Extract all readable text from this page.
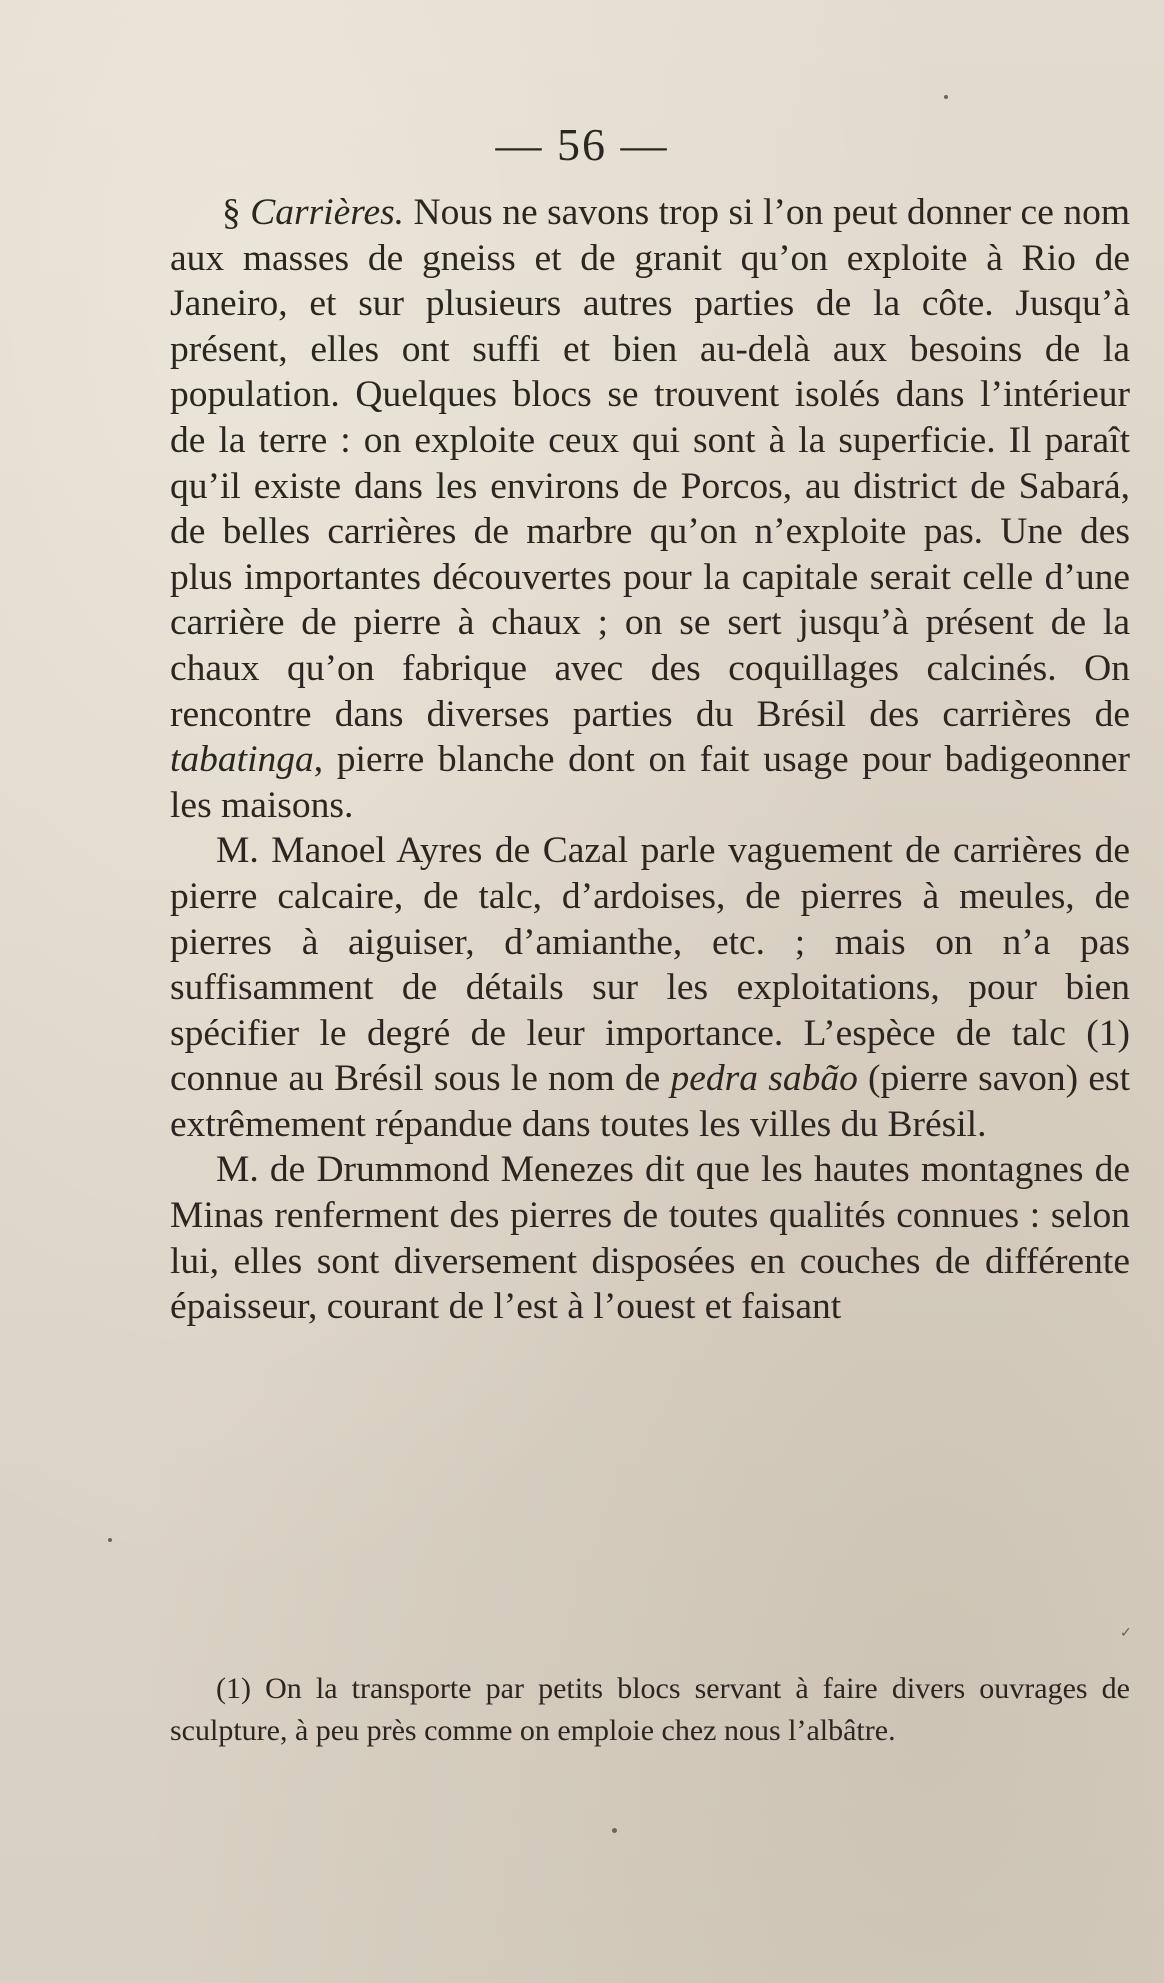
— 56 —

§ Carrières. Nous ne savons trop si l’on peut donner ce nom aux masses de gneiss et de granit qu’on exploite à Rio de Janeiro, et sur plusieurs autres parties de la côte. Jusqu’à présent, elles ont suffi et bien au-delà aux besoins de la population. Quelques blocs se trouvent isolés dans l’intérieur de la terre : on exploite ceux qui sont à la superficie. Il paraît qu’il existe dans les environs de Porcos, au district de Sabará, de belles carrières de marbre qu’on n’exploite pas. Une des plus importantes découvertes pour la capitale serait celle d’une carrière de pierre à chaux ; on se sert jusqu’à présent de la chaux qu’on fabrique avec des coquillages calcinés. On rencontre dans diverses parties du Brésil des carrières de tabatinga, pierre blanche dont on fait usage pour badigeonner les maisons.

M. Manoel Ayres de Cazal parle vaguement de carrières de pierre calcaire, de talc, d’ardoises, de pierres à meules, de pierres à aiguiser, d’amianthe, etc. ; mais on n’a pas suffisamment de détails sur les exploitations, pour bien spécifier le degré de leur importance. L’espèce de talc (1) connue au Brésil sous le nom de pedra sabão (pierre savon) est extrêmement répandue dans toutes les villes du Brésil.

M. de Drummond Menezes dit que les hautes montagnes de Minas renferment des pierres de toutes qualités connues : selon lui, elles sont diversement disposées en couches de différente épaisseur, courant de l’est à l’ouest et faisant

✓

(1) On la transporte par petits blocs servant à faire divers ouvrages de sculpture, à peu près comme on emploie chez nous l’albâtre.
